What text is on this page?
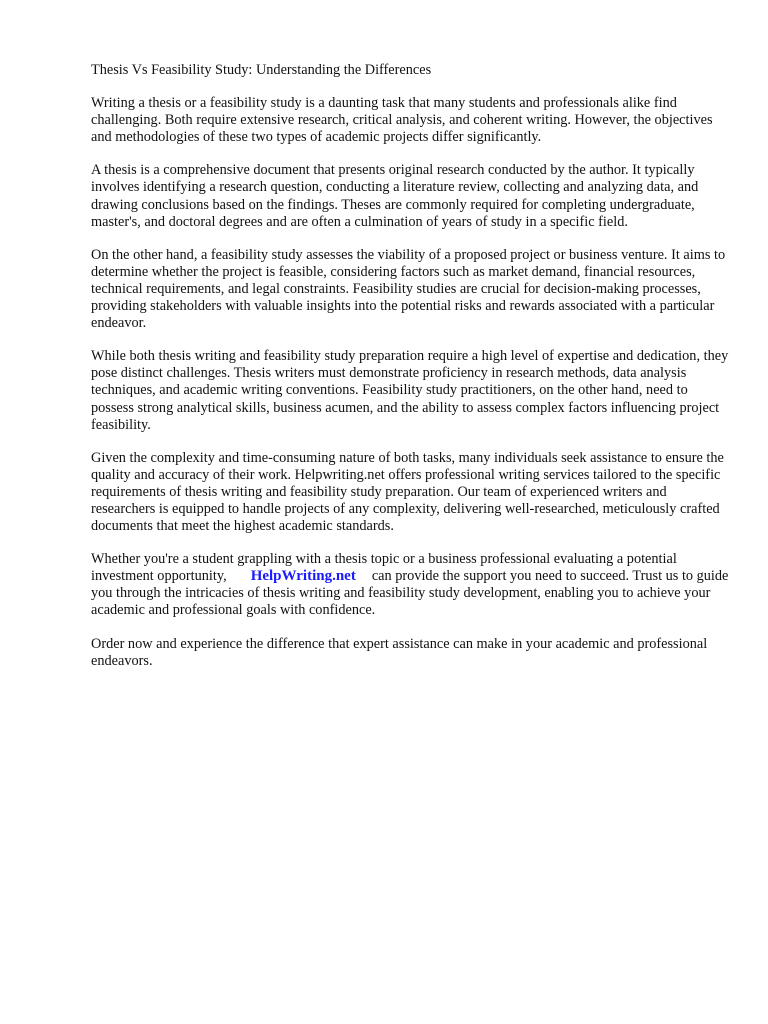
Thesis Vs Feasibility Study: Understanding the Differences

Writing a thesis or a feasibility study is a daunting task that many students and professionals alike find challenging. Both require extensive research, critical analysis, and coherent writing. However, the objectives and methodologies of these two types of academic projects differ significantly.

A thesis is a comprehensive document that presents original research conducted by the author. It typically involves identifying a research question, conducting a literature review, collecting and analyzing data, and drawing conclusions based on the findings. Theses are commonly required for completing undergraduate, master's, and doctoral degrees and are often a culmination of years of study in a specific field.

On the other hand, a feasibility study assesses the viability of a proposed project or business venture. It aims to determine whether the project is feasible, considering factors such as market demand, financial resources, technical requirements, and legal constraints. Feasibility studies are crucial for decision-making processes, providing stakeholders with valuable insights into the potential risks and rewards associated with a particular endeavor.

While both thesis writing and feasibility study preparation require a high level of expertise and dedication, they pose distinct challenges. Thesis writers must demonstrate proficiency in research methods, data analysis techniques, and academic writing conventions. Feasibility study practitioners, on the other hand, need to possess strong analytical skills, business acumen, and the ability to assess complex factors influencing project feasibility.

Given the complexity and time-consuming nature of both tasks, many individuals seek assistance to ensure the quality and accuracy of their work. Helpwriting.net offers professional writing services tailored to the specific requirements of thesis writing and feasibility study preparation. Our team of experienced writers and researchers is equipped to handle projects of any complexity, delivering well-researched, meticulously crafted documents that meet the highest academic standards.

Whether you're a student grappling with a thesis topic or a business professional evaluating a potential investment opportunity, HelpWriting.net can provide the support you need to succeed. Trust us to guide you through the intricacies of thesis writing and feasibility study development, enabling you to achieve your academic and professional goals with confidence.

Order now and experience the difference that expert assistance can make in your academic and professional endeavors.
